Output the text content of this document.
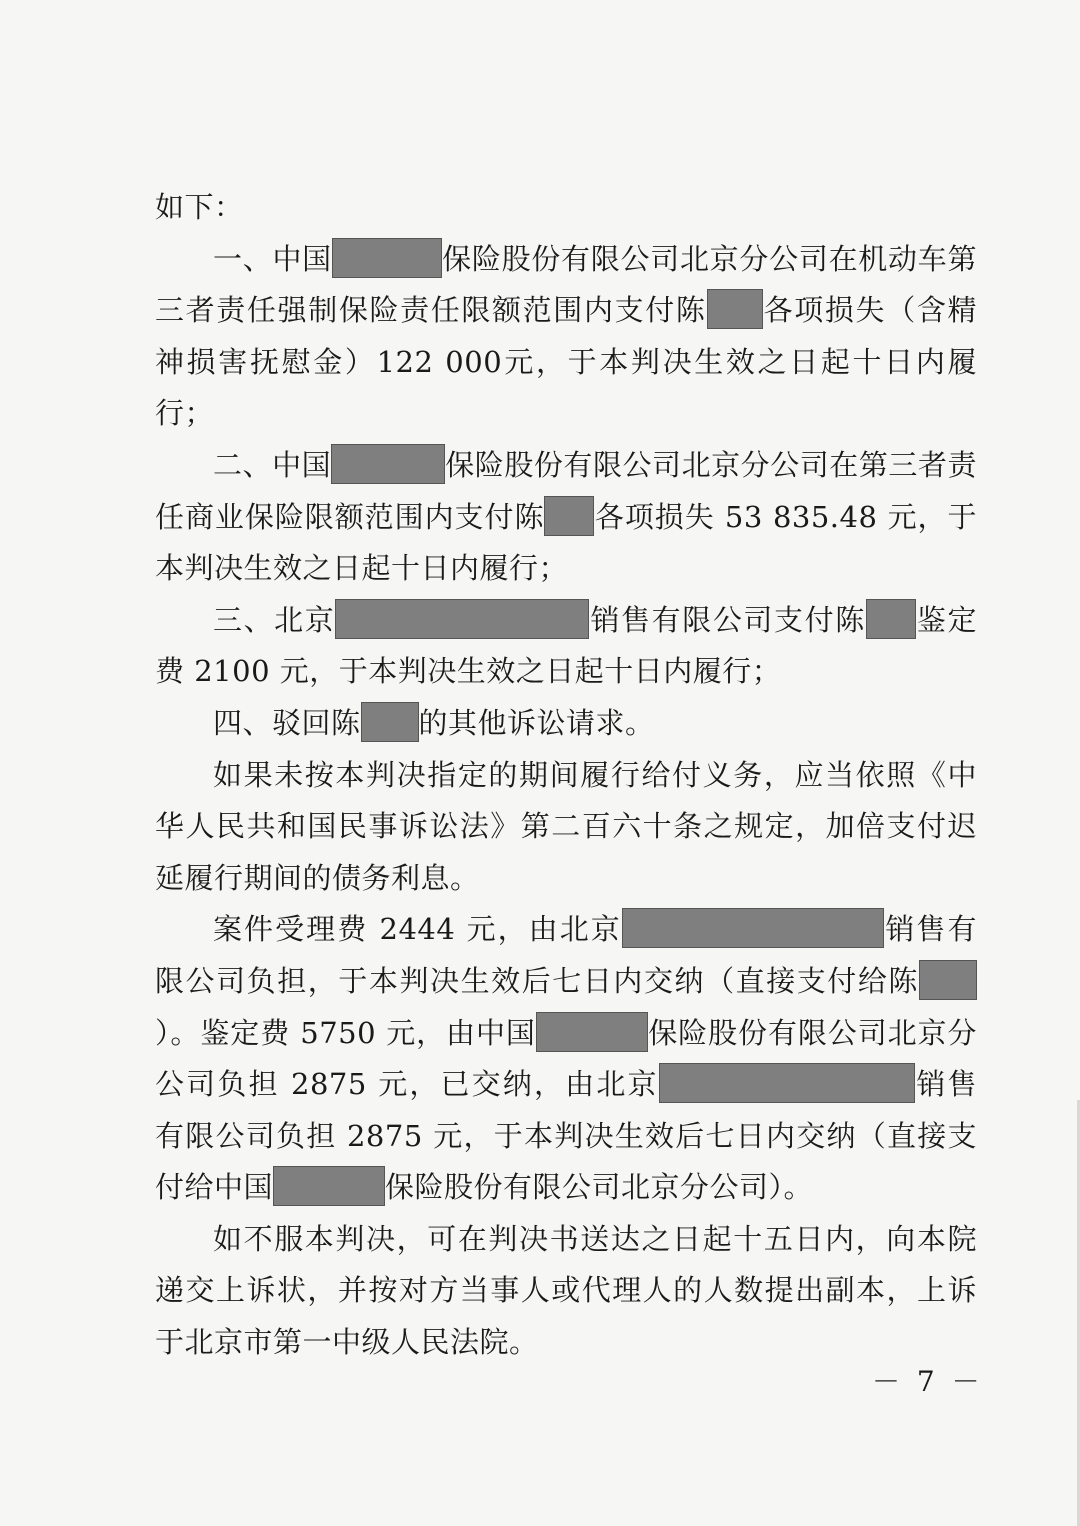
如下：

一、中国	保险股份有限公司北京分公司在机动车第三者责任强制保险责任限额范围内支付陈 各项损失（含精神损害抚慰金）122 000元，于本判决生效之日起十日内履行；

二、中国	保险股份有限公司北京分公司在第三者责任商业保险限额范围内支付陈 各项损失 53 835.48 元，于本判决生效之日起十日内履行；

三、北京	销售有限公司支付陈 鉴定费 2100 元，于本判决生效之日起十日内履行；

四、驳回陈 的其他诉讼请求。

如果未按本判决指定的期间履行给付义务，应当依照《中华人民共和国民事诉讼法》第二百六十条之规定，加倍支付迟延履行期间的债务利息。

案件受理费 2444 元，由北京	销售有限公司负担，于本判决生效后七日内交纳（直接支付给陈）。鉴定费 5750 元，由中国	保险股份有限公司北京分公司负担 2875 元，已交纳，由北京	销售有限公司负担 2875 元，于本判决生效后七日内交纳（直接支付给中国	保险股份有限公司北京分公司）。

如不服本判决，可在判决书送达之日起十五日内，向本院递交上诉状，并按对方当事人或代理人的人数提出副本，上诉于北京市第一中级人民法院。

－ 7 －
